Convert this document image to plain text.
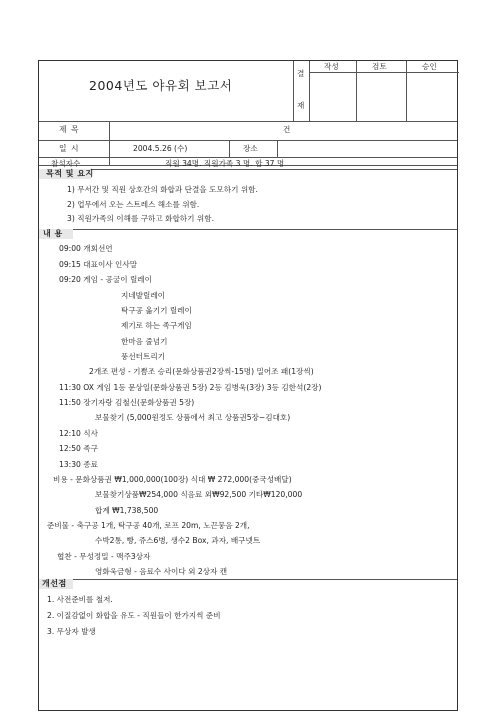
2004년도 야유회 보고서
결
재
작성	검토	승인
제 목	건
일 시	2004.5.26 (수)	장소
참석자수	직원 34명. 직원가족 3 명. 합 37 명
목적 및 요지
1) 무서간 및 직원 상호간의 화합과 단결을 도모하기 위함.
2) 업무에서 오는 스트레스 해소를 위함.
3) 직원가족의 이해를 구하고 화합하기 위함.
내 용
09:00 개회선언
09:15 대표이사 인사말
09:20 게임 - 공굴이 릴레이
지네발릴레이
탁구공 옮기기 릴레이
제기로 하는 족구게임
한마음 줄넘기
풍선터트리기
2개조 편성 - 기쁨조 승리(문화상품권2장씩-15명) 밀어조 패(1장씩)
11:30 OX 게임 1등 문상일(문화상품권 5장) 2등 김병욱(3장) 3등 김한석(2장)
11:50 장기자랑 김철신(문화상품권 5장)
보물찾기 (5,000원정도 상품에서 최고 상품권5장~김대호)
12:10 식사
12:50 족구
13:30 종료
비용 - 문화상품권 ₩1,000,000(100장) 식대 ₩ 272,000(중국성배달)
보물찾기상품₩254,000 식음료 외₩92,500 기타₩120,000
합계 ₩1,738,500
준비물 - 축구공 1개, 탁구공 40개, 로프 20m, 노끈뭉음 2개,
수박2통, 빵, 쥬스6병, 생수2 Box, 과자, 배구넷트
협찬 - 무성정밀 - 맥주3상자
영화욱금형 - 음료수 사이다 외 2상자 캔
개선점
1. 사전준비를 철저.
2. 이질감없이 화합을 유도 - 직원들이 한가지씩 준비
3. 무상자 발생
